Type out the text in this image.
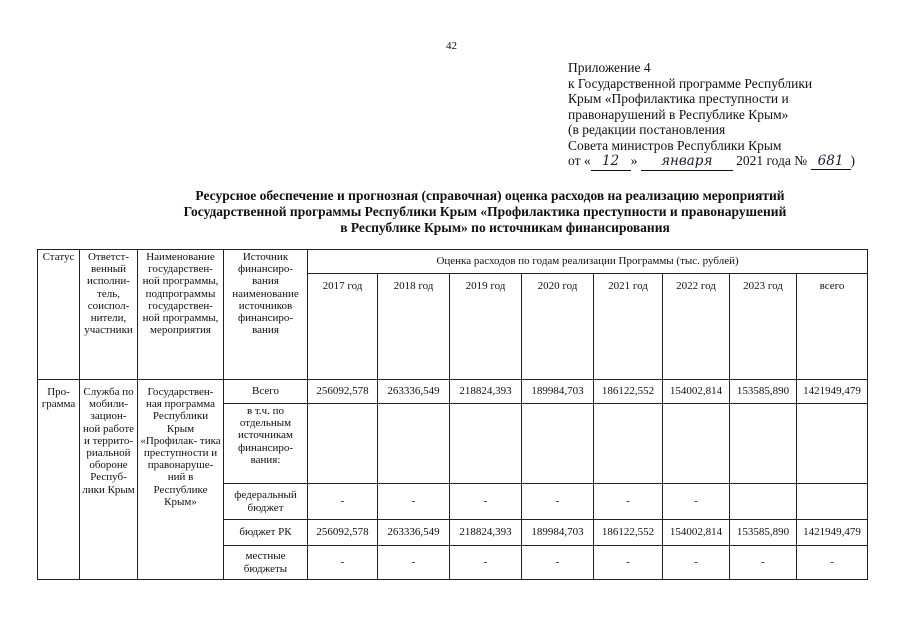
42
Приложение 4
к Государственной программе Республики
Крым «Профилактика преступности и
правонарушений в Республике Крым»
(в редакции постановления
Совета министров Республики Крым
от « 12 » января 2021 года № 681 )
Ресурсное обеспечение и прогнозная (справочная) оценка расходов на реализацию мероприятий
Государственной программы Республики Крым «Профилактика преступности и правонарушений
в Республике Крым» по источникам финансирования
Статус	Ответст- венный исполни- тель, соиспол- нители, участники	Наименование государствен- ной программы, подпрограммы государствен- ной программы, мероприятия	Источник финансиро- вания наименование источников финансиро- вания	Оценка расходов по годам реализации Программы (тыс. рублей)							
				2017 год	2018 год	2019 год	2020 год	2021 год	2022 год	2023 год	всего
Про- грамма	Служба по мобили- зацион- ной работе и террито- риальной обороне Респуб- лики Крым	Государствен- ная программа Республики Крым «Профилак- тика преступности и правонаруше- ний в Республике Крым»	Всего	256092,578	263336,549	218824,393	189984,703	186122,552	154002,814	153585,890	1421949,479
			в т.ч. по отдельным источникам финансиро- вания:								
			федеральный бюджет	-	-	-	-	-	-		
			бюджет РК	256092,578	263336,549	218824,393	189984,703	186122,552	154002,814	153585,890	1421949,479
			местные бюджеты	-	-	-	-	-	-	-	-
